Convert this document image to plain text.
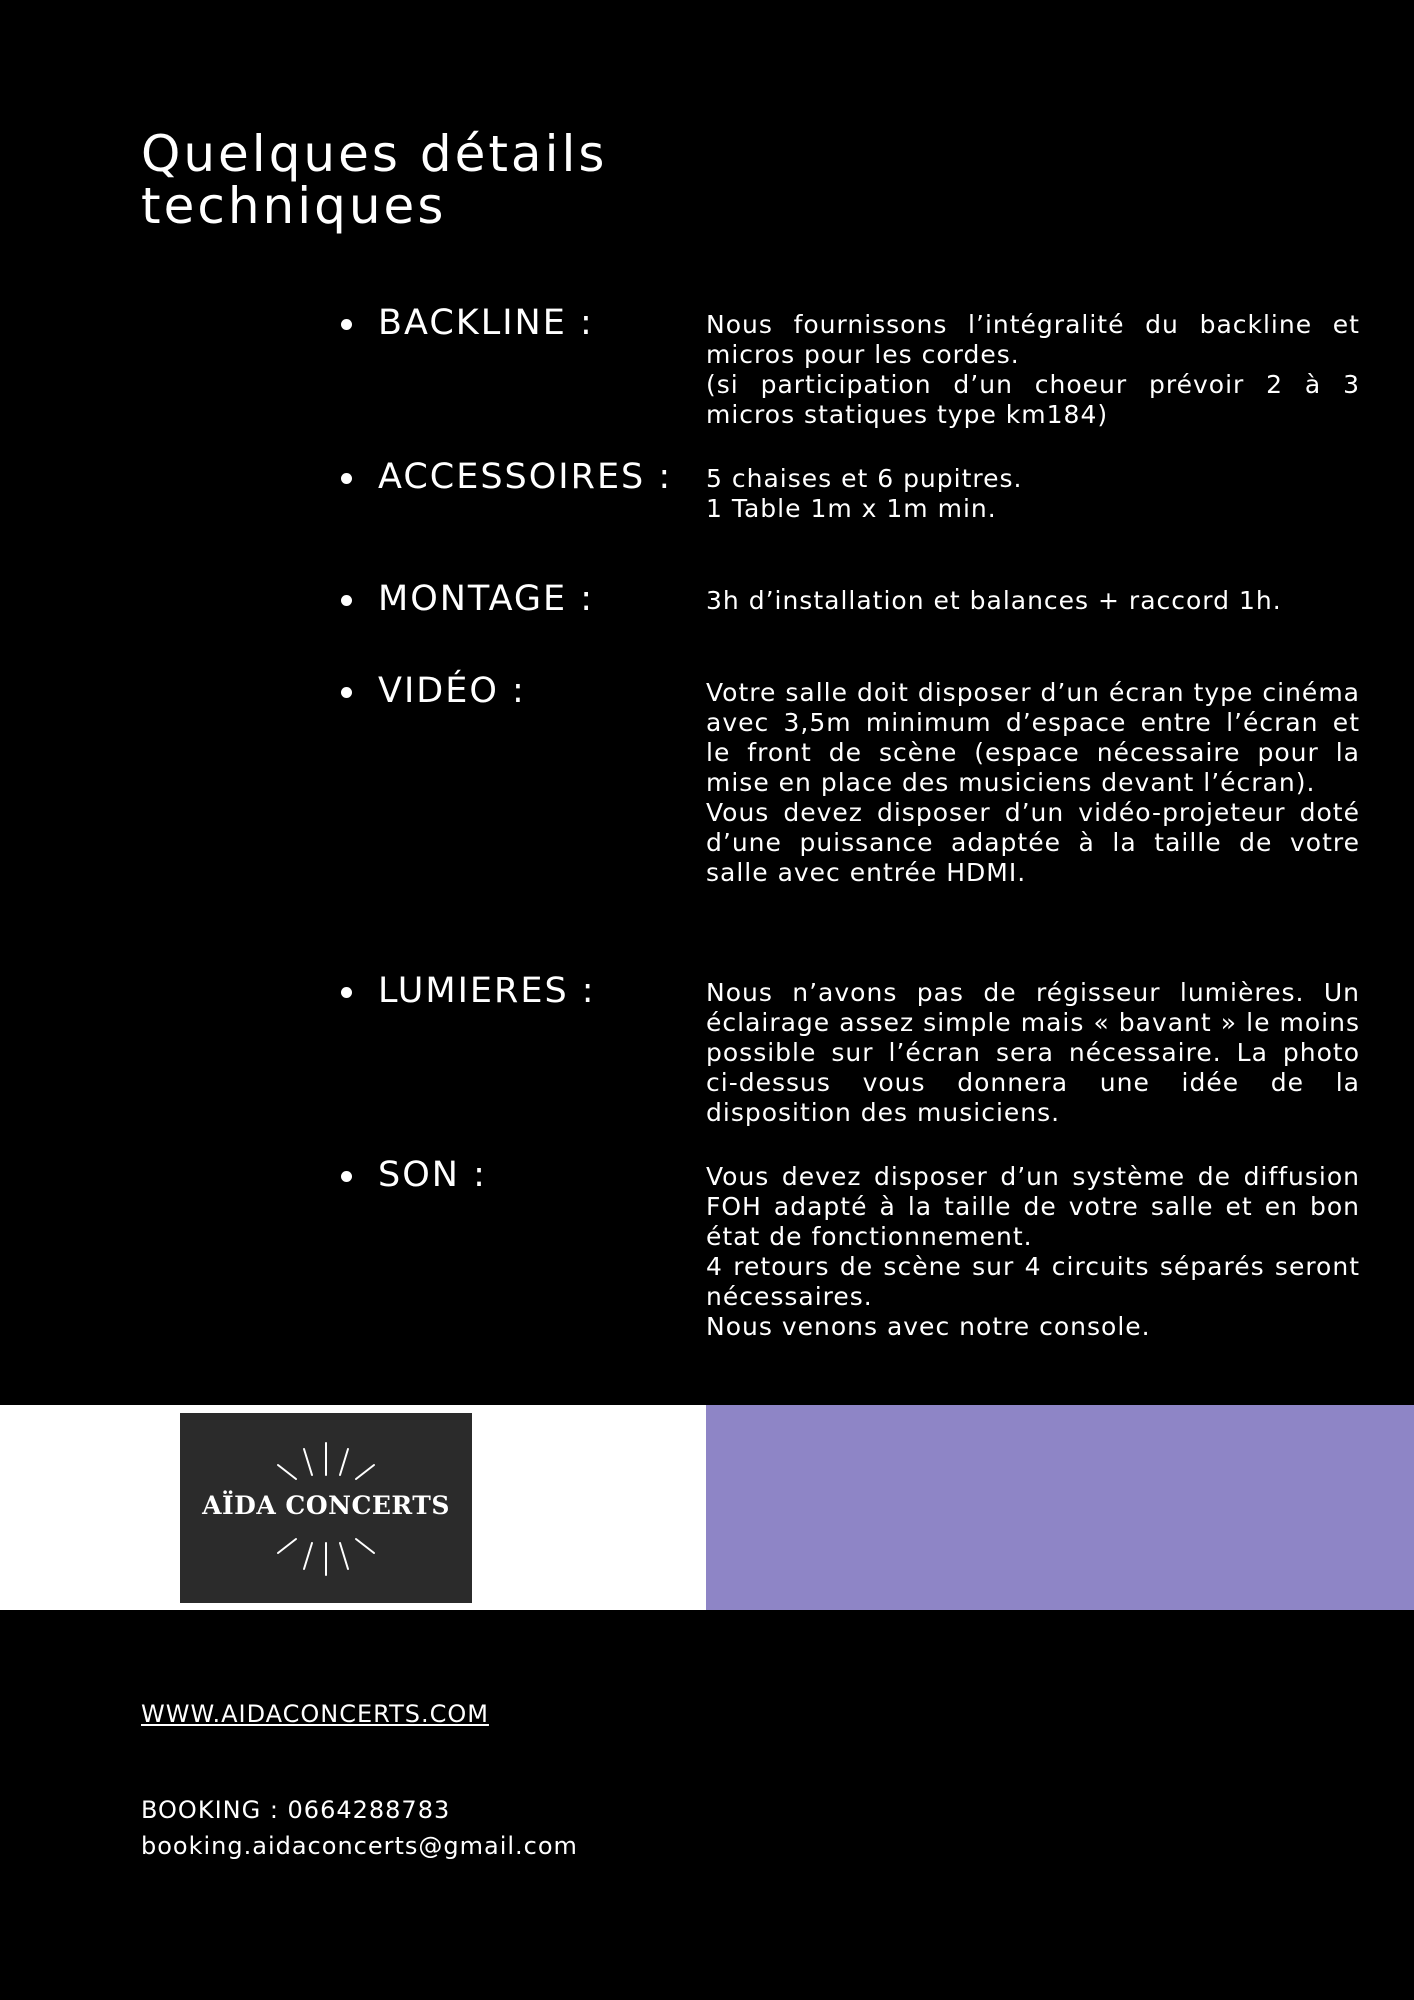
Quelques détails
techniques
BACKLINE :	Nous fournissons l’intégralité du backline et micros pour les cordes.
(si participation d’un choeur prévoir 2 à 3 micros statiques type km184)

ACCESSOIRES : 5 chaises et 6 pupitres.
1 Table 1m x 1m min.

MONTAGE :	3h d’installation et balances + raccord 1h.

VIDÉO :	Votre salle doit disposer d’un écran type cinéma avec 3,5m minimum d’espace entre l’écran et le front de scène (espace nécessaire pour la mise en place des musiciens devant l’écran).
Vous devez disposer d’un vidéo-projeteur doté d’une puissance adaptée à la taille de votre salle avec entrée HDMI.

LUMIERES :	Nous n’avons pas de régisseur lumières. Un éclairage assez simple mais « bavant » le moins possible sur l’écran sera nécessaire. La photo ci-dessus vous donnera une idée de la disposition des musiciens.

SON :	Vous devez disposer d’un système de diffusion FOH adapté à la taille de votre salle et en bon état de fonctionnement.
4 retours de scène sur 4 circuits séparés seront nécessaires.
Nous venons avec notre console.

AÏDA CONCERTS
WWW.AIDACONCERTS.COM
BOOKING : 0664288783
booking.aidaconcerts@gmail.com
